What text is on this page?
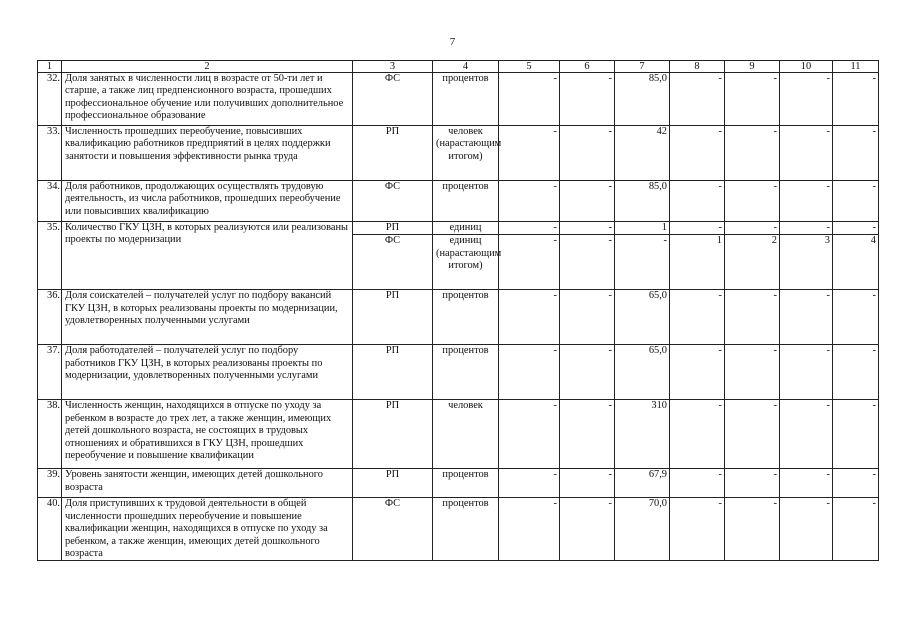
7
1	2	3	4	5	6	7	8	9	10	11
32.	Доля занятых в численности лиц в возрасте от 50-ти лет и старше, а также лиц предпенсионного возраста, прошедших профессиональное обучение или получивших дополнительное профессиональное образование	ФС	процентов	-	-	85,0	-	-	-	-
33.	Численность прошедших переобучение, повысивших квалификацию работников предприятий в целях поддержки занятости и повышения эффективности рынка труда	РП	человек (нарастающим итогом)	-	-	42	-	-	-	-
34.	Доля работников, продолжающих осуществлять трудовую деятельность, из числа работников, прошедших переобучение или повысивших квалификацию	ФС	процентов	-	-	85,0	-	-	-	-
35.	Количество ГКУ ЦЗН, в которых реализуются или реализованы проекты по модернизации	РП	единиц	-	-	1	-	-	-	-
		ФС	единиц (нарастающим итогом)	-	-	-	1	2	3	4
36.	Доля соискателей – получателей услуг по подбору вакансий ГКУ ЦЗН, в которых реализованы проекты по модернизации, удовлетворенных полученными услугами	РП	процентов	-	-	65,0	-	-	-	-
37.	Доля работодателей – получателей услуг по подбору работников ГКУ ЦЗН, в которых реализованы проекты по модернизации, удовлетворенных полученными услугами	РП	процентов	-	-	65,0	-	-	-	-
38.	Численность женщин, находящихся в отпуске по уходу за ребенком в возрасте до трех лет, а также женщин, имеющих детей дошкольного возраста, не состоящих в трудовых отношениях и обратившихся в ГКУ ЦЗН, прошедших переобучение и повышение квалификации	РП	человек	-	-	310	-	-	-	-
39.	Уровень занятости женщин, имеющих детей дошкольного возраста	РП	процентов	-	-	67,9	-	-	-	-
40.	Доля приступивших к трудовой деятельности в общей численности прошедших переобучение и повышение квалификации женщин, находящихся в отпуске по уходу за ребенком, а также женщин, имеющих детей дошкольного возраста	ФС	процентов	-	-	70,0	-	-	-	-
